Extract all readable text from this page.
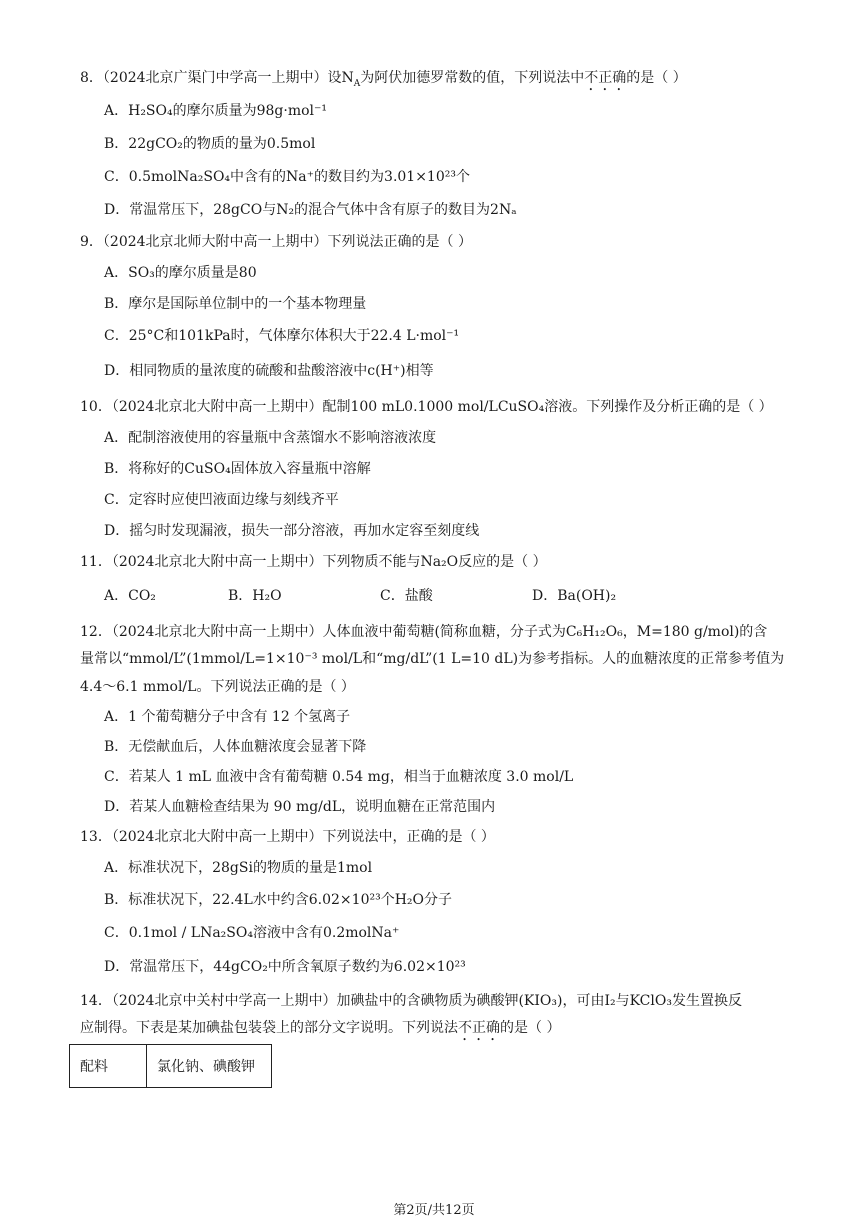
8．（2024北京广渠门中学高一上期中）设$N_A$为阿伏加德罗常数的值，下列说法中不正确的是（ ）
A．H₂SO₄的摩尔质量为98g·mol⁻¹
B．22gCO₂的物质的量为0.5mol
C．0.5molNa₂SO₄中含有的Na⁺的数目约为3.01×10²³个
D．常温常压下，28gCO与N₂的混合气体中含有原子的数目为2Nₐ
9．（2024北京北师大附中高一上期中）下列说法正确的是（ ）
A．SO₃的摩尔质量是80
B．摩尔是国际单位制中的一个基本物理量
C．25°C和101kPa时，气体摩尔体积大于22.4 L·mol⁻¹
D．相同物质的量浓度的硫酸和盐酸溶液中c(H⁺)相等
10．（2024北京北大附中高一上期中）配制100 mL0.1000 mol/LCuSO₄溶液。下列操作及分析正确的是（ ）
A．配制溶液使用的容量瓶中含蒸馏水不影响溶液浓度
B．将称好的CuSO₄固体放入容量瓶中溶解
C．定容时应使凹液面边缘与刻线齐平
D．摇匀时发现漏液，损失一部分溶液，再加水定容至刻度线
11．（2024北京北大附中高一上期中）下列物质不能与Na₂O反应的是（ ）
A．CO₂	B．H₂O	C．盐酸	D．Ba(OH)₂
12．（2024北京北大附中高一上期中）人体血液中葡萄糖(简称血糖，分子式为C₆H₁₂O₆，M=180 g/mol)的含
量常以“mmol/L”(1mmol/L=1×10⁻³ mol/L和“mg/dL”(1 L=10 dL)为参考指标。人的血糖浓度的正常参考值为
4.4～6.1 mmol/L。下列说法正确的是（ ）
A．1 个葡萄糖分子中含有 12 个氢离子
B．无偿献血后，人体血糖浓度会显著下降
C．若某人 1 mL 血液中含有葡萄糖 0.54 mg，相当于血糖浓度 3.0 mol/L
D．若某人血糖检查结果为 90 mg/dL，说明血糖在正常范围内
13．（2024北京北大附中高一上期中）下列说法中，正确的是（ ）
A．标准状况下，28gSi的物质的量是1mol
B．标准状况下，22.4L水中约含6.02×10²³个H₂O分子
C．0.1mol / LNa₂SO₄溶液中含有0.2molNa⁺
D．常温常压下，44gCO₂中所含氧原子数约为6.02×10²³
14．（2024北京中关村中学高一上期中）加碘盐中的含碘物质为碘酸钾(KIO₃)，可由I₂与KClO₃发生置换反
应制得。下表是某加碘盐包装袋上的部分文字说明。下列说法不正确的是（ ）
配料	氯化钠、碘酸钾
第2页/共12页
